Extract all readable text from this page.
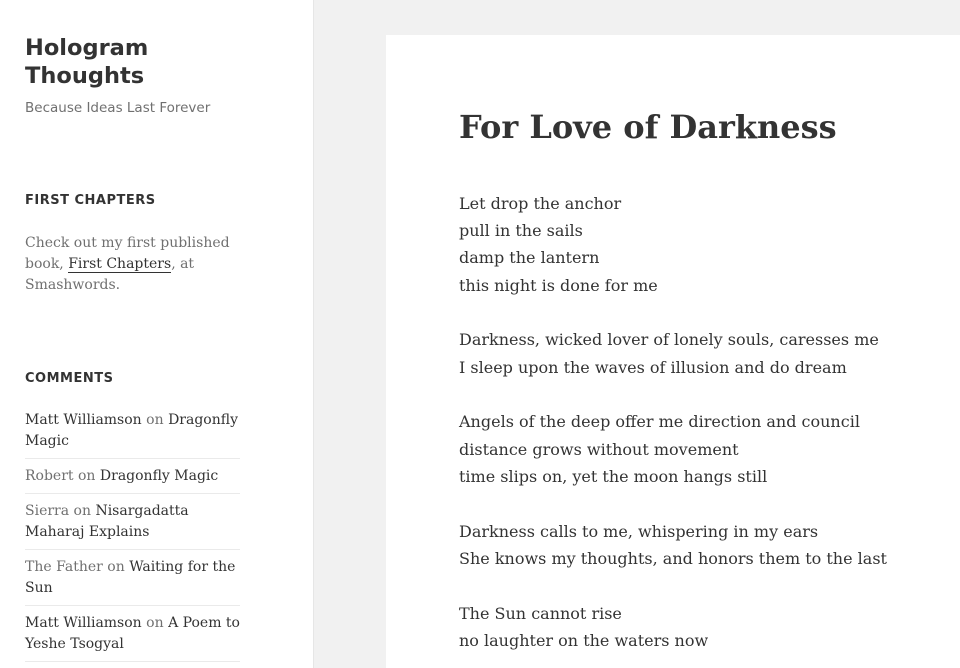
Hologram Thoughts

Because Ideas Last Forever

FIRST CHAPTERS
Check out my first published book, First Chapters, at Smashwords.
COMMENTS
Matt Williamson on Dragonfly Magic
Robert on Dragonfly Magic
Sierra on Nisargadatta Maharaj Explains
The Father on Waiting for the Sun
Matt Williamson on A Poem to Yeshe Tsogyal
For Love of Darkness

Let drop the anchor
pull in the sails
damp the lantern
this night is done for me

Darkness, wicked lover of lonely souls, caresses me
I sleep upon the waves of illusion and do dream

Angels of the deep offer me direction and council
distance grows without movement
time slips on, yet the moon hangs still

Darkness calls to me, whispering in my ears
She knows my thoughts, and honors them to the last

The Sun cannot rise
no laughter on the waters now
